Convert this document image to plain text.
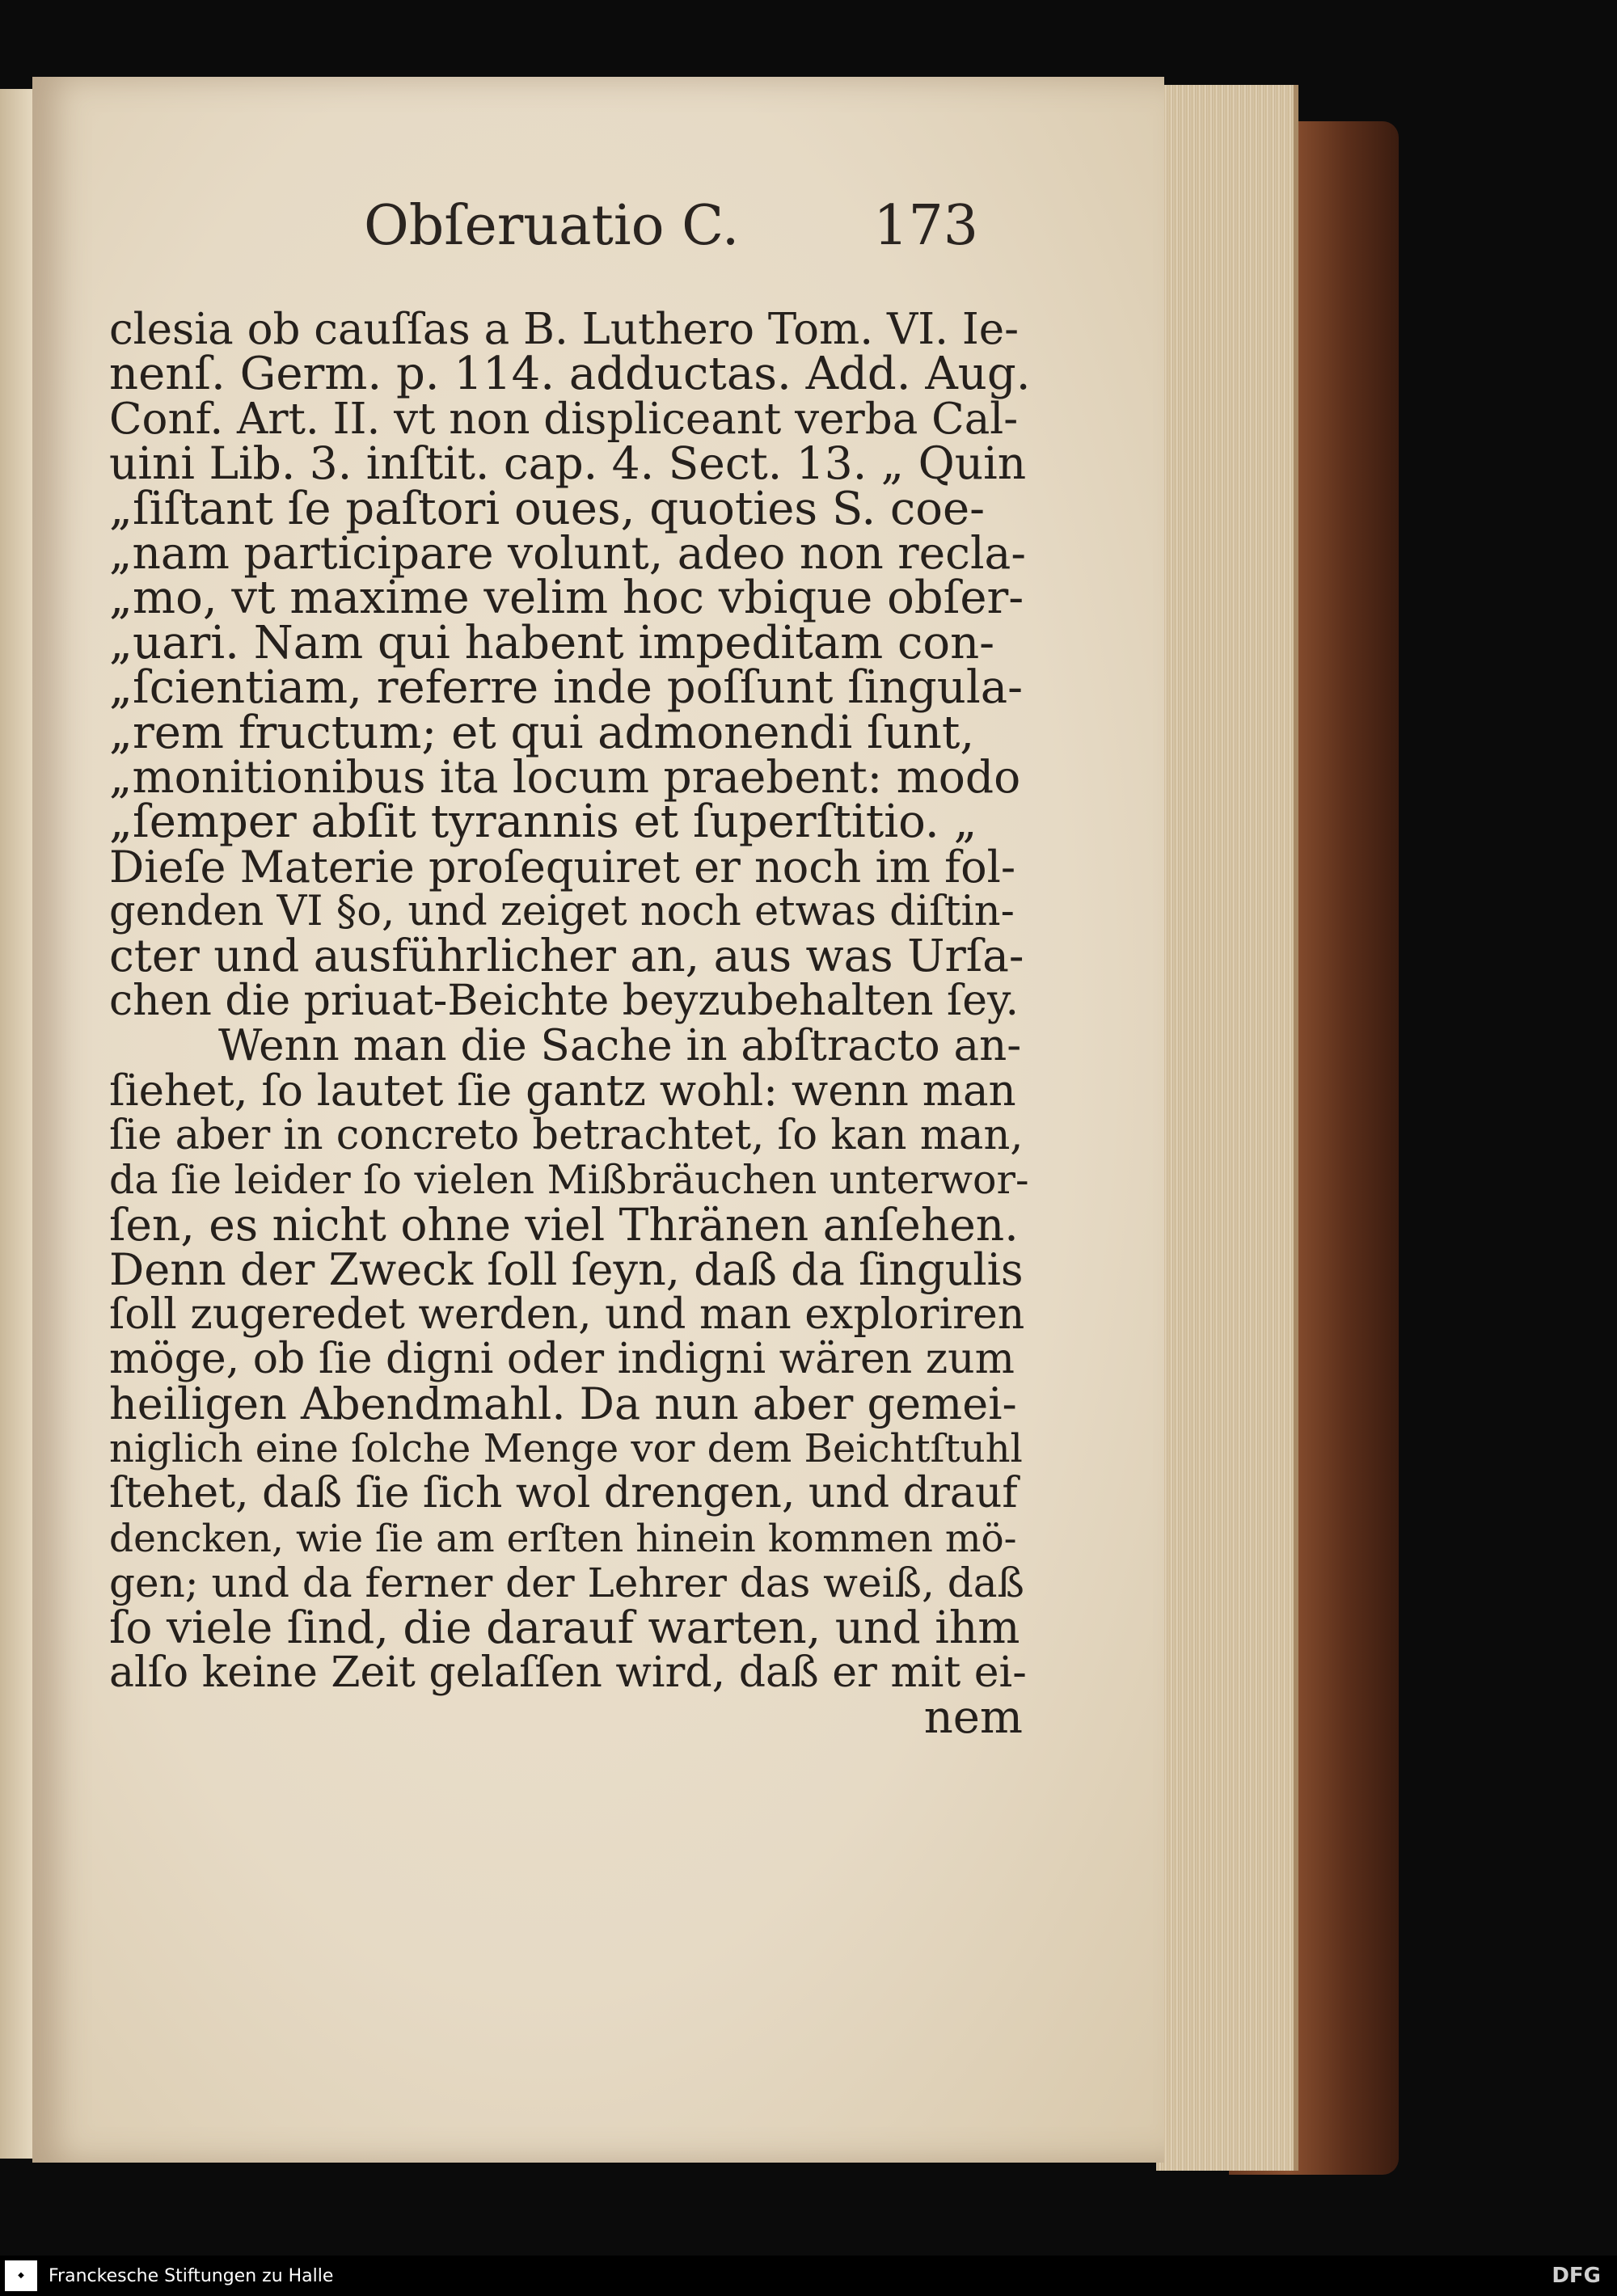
Obſeruatio C. 173
clesia ob cauſſas a B. Luthero Tom. VI. Ie-
nenſ. Germ. p. 114. adductas. Add. Aug.
Conf. Art. II. vt non displiceant verba Cal-
uini Lib. 3. inſtit. cap. 4. Sect. 13. „ Quin
„ſiſtant ſe paſtori oues, quoties S. coe-
„nam participare volunt, adeo non recla-
„mo, vt maxime velim hoc vbique obſer-
„uari. Nam qui habent impeditam con-
„ſcientiam, referre inde poſſunt ſingula-
„rem fructum; et qui admonendi ſunt,
„monitionibus ita locum praebent: modo
„ſemper abſit tyrannis et ſuperſtitio. „
Dieſe Materie proſequiret er noch im fol-
genden VI §o, und zeiget noch etwas diſtin-
cter und ausführlicher an, aus was Urſa-
chen die priuat-Beichte beyzubehalten ſey.
Wenn man die Sache in abſtracto an-
ſiehet, ſo lautet ſie gantz wohl: wenn man
ſie aber in concreto betrachtet, ſo kan man,
da ſie leider ſo vielen Mißbräuchen unterwor-
ſen, es nicht ohne viel Thränen anſehen.
Denn der Zweck ſoll ſeyn, daß da ſingulis
ſoll zugeredet werden, und man exploriren
möge, ob ſie digni oder indigni wären zum
heiligen Abendmahl. Da nun aber gemei-
niglich eine ſolche Menge vor dem Beichtſtuhl
ſtehet, daß ſie ſich wol drengen, und drauf
dencken, wie ſie am erſten hinein kommen mö-
gen; und da ferner der Lehrer das weiß, daß
ſo viele ſind, die darauf warten, und ihm
alſo keine Zeit gelaſſen wird, daß er mit ei-
nem
◆	Franckesche Stiftungen zu Halle	DFG
